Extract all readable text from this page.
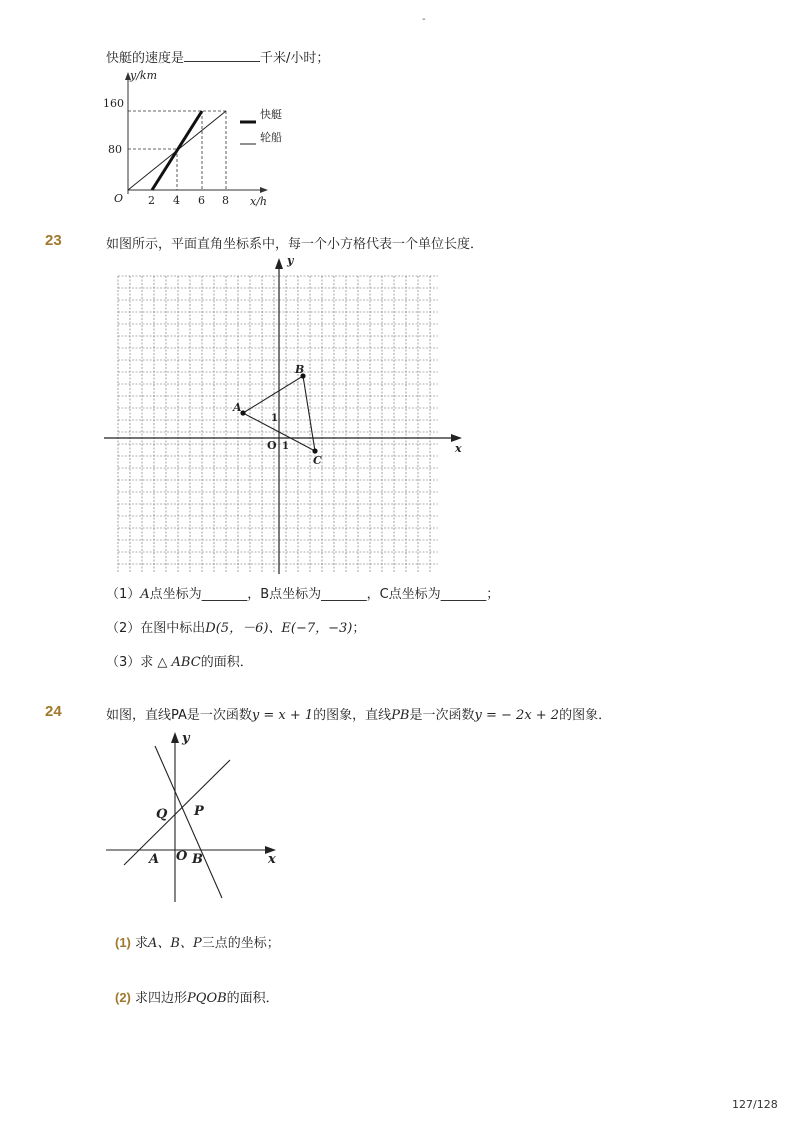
-
快艇的速度是	千米/小时；
快艇
轮船
y/km
x/h
O
160
80
2 4 6 8
23	如图所示，平面直角坐标系中，每一个小方格代表一个单位长度．
A
B
C
O 1
1
x
y
（1）A点坐标为_______，B点坐标为_______，C点坐标为_______；
（2）在图中标出D(5，－6)、E(−7，−3)；
（3）求 △ ABC的面积．
24	如图，直线PA是一次函数y = x + 1的图象，直线PB是一次函数y = − 2x + 2的图象．
Q P
A O B	x
y
(1) 求A、B、P三点的坐标；
(2) 求四边形PQOB的面积．
127/128
